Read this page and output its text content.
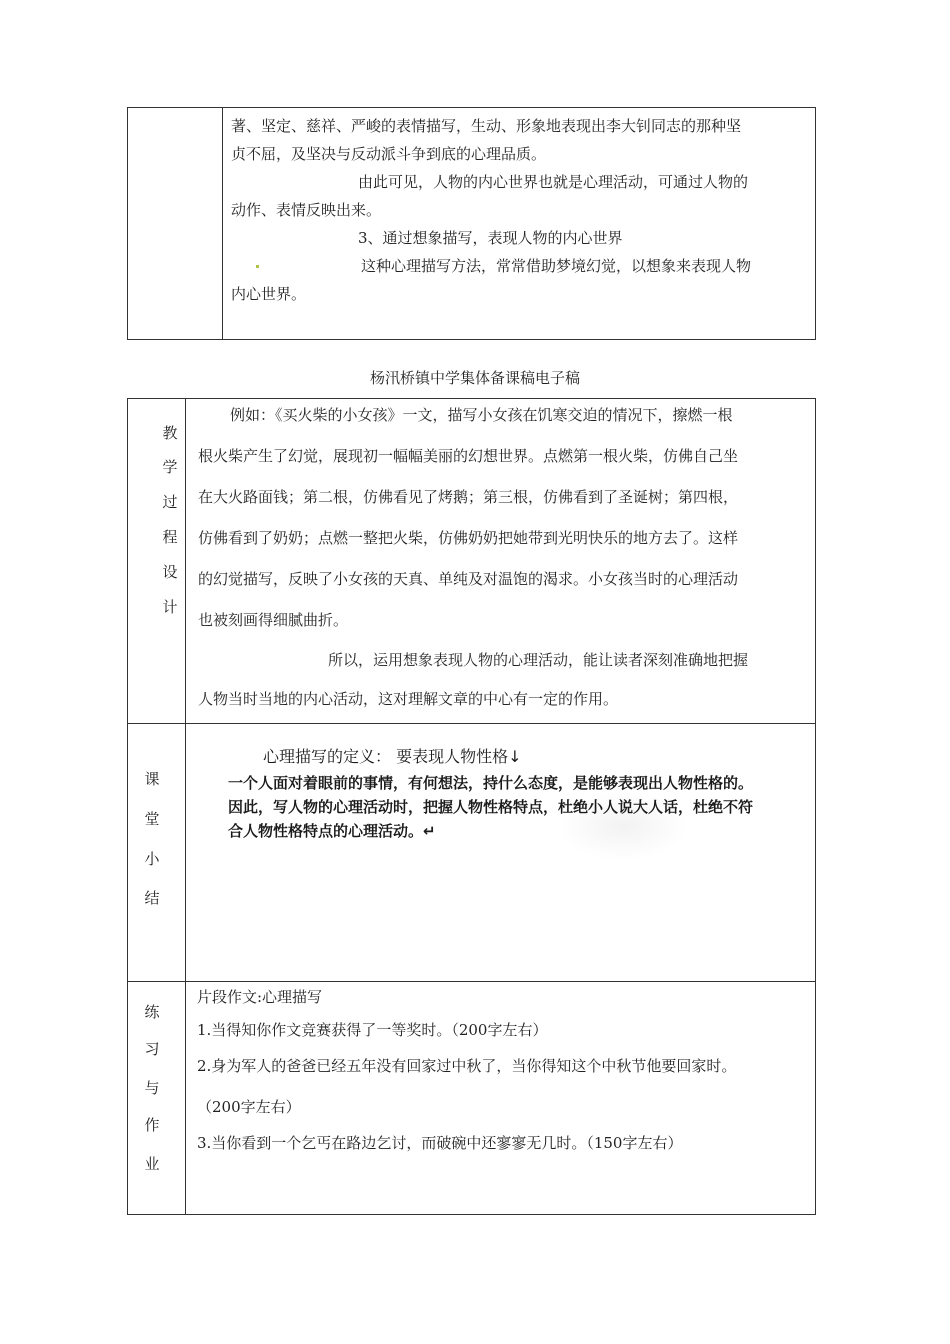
著、坚定、慈祥、严峻的表情描写，生动、形象地表现出李大钊同志的那种坚
贞不屈，及坚决与反动派斗争到底的心理品质。
由此可见，人物的内心世界也就是心理活动，可通过人物的
动作、表情反映出来。
3、通过想象描写，表现人物的内心世界
这种心理描写方法，常常借助梦境幻觉，以想象来表现人物
内心世界。
杨汛桥镇中学集体备课稿电子稿
教
学
过
程
设
计
例如：《买火柴的小女孩》一文，描写小女孩在饥寒交迫的情况下，擦燃一根
根火柴产生了幻觉，展现初一幅幅美丽的幻想世界。点燃第一根火柴，仿佛自己坐
在大火路面钱；第二根，仿佛看见了烤鹅；第三根，仿佛看到了圣诞树；第四根，
仿佛看到了奶奶；点燃一整把火柴，仿佛奶奶把她带到光明快乐的地方去了。这样
的幻觉描写，反映了小女孩的天真、单纯及对温饱的渴求。小女孩当时的心理活动
也被刻画得细腻曲折。
所以，运用想象表现人物的心理活动，能让读者深刻准确地把握
人物当时当地的内心活动，这对理解文章的中心有一定的作用。
课
堂
小
结
心理描写的定义： 要表现人物性格↓
一个人面对着眼前的事情，有何想法，持什么态度，是能够表现出人物性格的。
因此，写人物的心理活动时，把握人物性格特点，杜绝小人说大人话，杜绝不符
合人物性格特点的心理活动。↵
练
习
与
作
业
片段作文:心理描写
1.当得知你作文竞赛获得了一等奖时。（200字左右）
2.身为军人的爸爸已经五年没有回家过中秋了，当你得知这个中秋节他要回家时。
（200字左右）
3.当你看到一个乞丐在路边乞讨，而破碗中还寥寥无几时。（150字左右）
